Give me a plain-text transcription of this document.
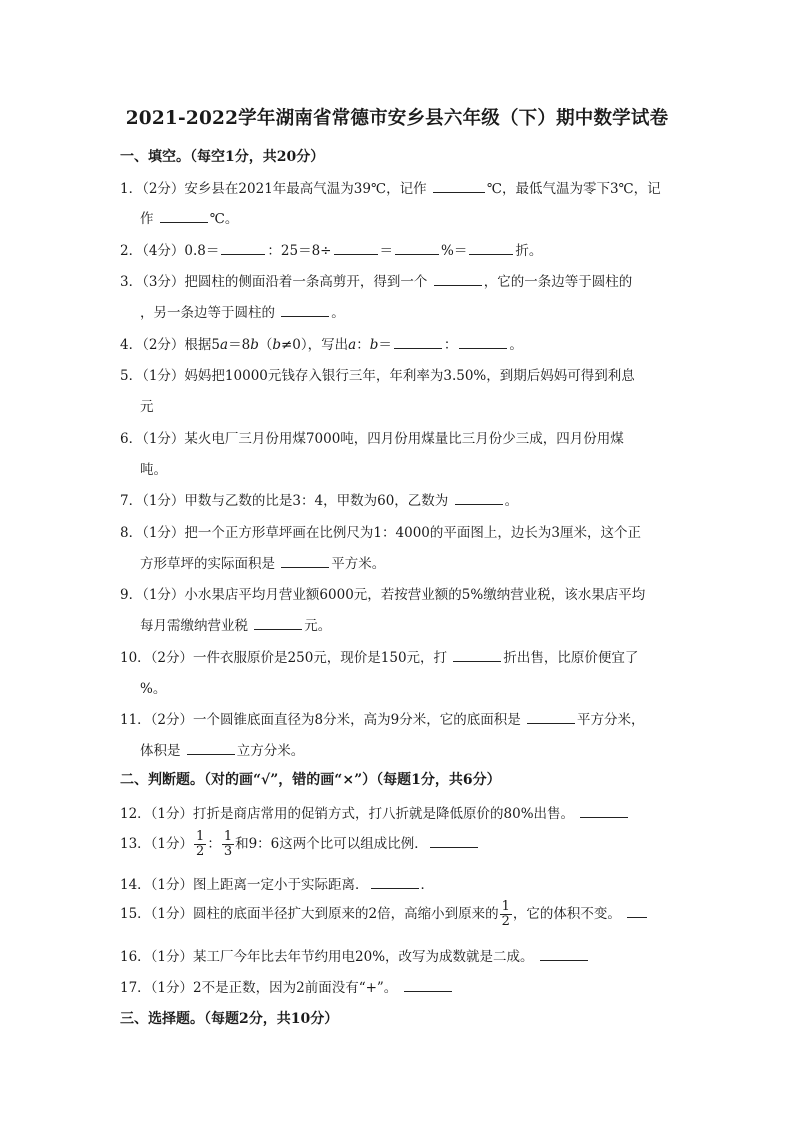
2021-2022学年湖南省常德市安乡县六年级（下）期中数学试卷
一、填空。（每空1分，共20分）
1．（2分）安乡县在2021年最高气温为39℃，记作	℃，最低气温为零下3℃，记
作	℃。
2．（4分）0.8＝	：25＝8÷	＝	%＝	折。
3．（3分）把圆柱的侧面沿着一条高剪开，得到一个	，它的一条边等于圆柱的
，另一条边等于圆柱的	。
4．（2分）根据5a＝8b（b≠0），写出a：b＝	：	。
5．（1分）妈妈把10000元钱存入银行三年，年利率为3.50%，到期后妈妈可得到利息
元
6．（1分）某火电厂三月份用煤7000吨，四月份用煤量比三月份少三成，四月份用煤
吨。
7．（1分）甲数与乙数的比是3：4，甲数为60，乙数为	。
8．（1分）把一个正方形草坪画在比例尺为1：4000的平面图上，边长为3厘米，这个正
方形草坪的实际面积是	平方米。
9．（1分）小水果店平均月营业额6000元，若按营业额的5%缴纳营业税，该水果店平均
每月需缴纳营业税	元。
10．（2分）一件衣服原价是250元，现价是150元，打	折出售，比原价便宜了
%。
11．（2分）一个圆锥底面直径为8分米，高为9分米，它的底面积是	平方分米，
体积是	立方分米。
二、判断题。（对的画“√”，错的画“×”）（每题1分，共6分）
12．（1分）打折是商店常用的促销方式，打八折就是降低原价的80%出售。
13．（1分） $\frac{1}{2}$ ： $\frac{1}{3}$ 和9：6这两个比可以组成比例．
14．（1分）图上距离一定小于实际距离．	．
15．（1分）圆柱的底面半径扩大到原来的2倍，高缩小到原来的 $\frac{1}{2}$ ，它的体积不变。
16．（1分）某工厂今年比去年节约用电20%，改写为成数就是二成。
17．（1分）2不是正数，因为2前面没有“+”。
三、选择题。（每题2分，共10分）
